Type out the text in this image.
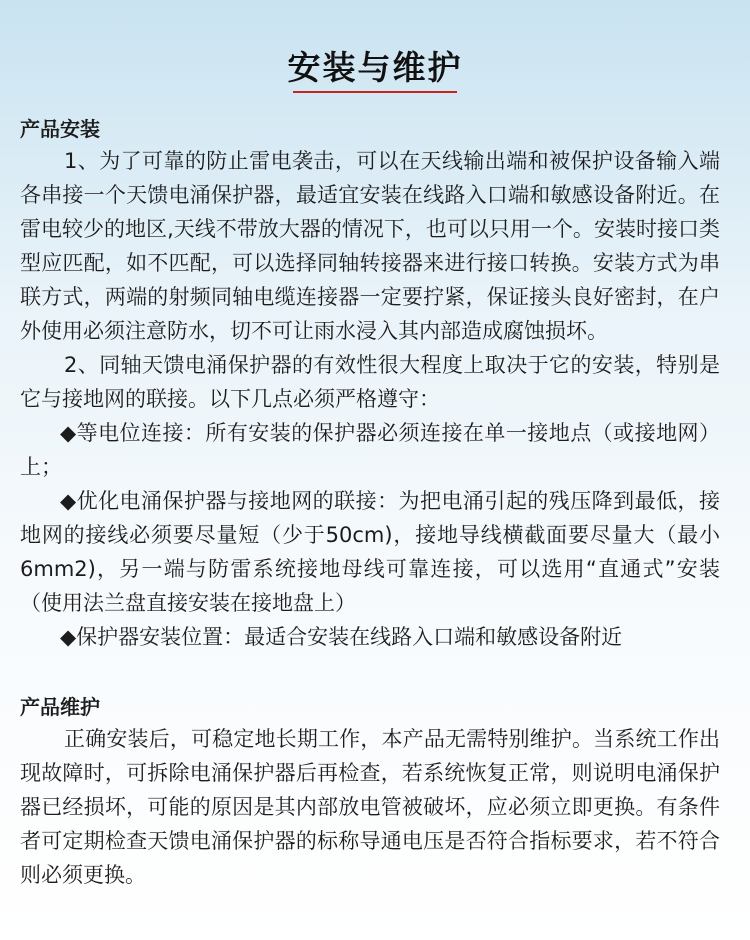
安装与维护
产品安装

1、为了可靠的防止雷电袭击，可以在天线输出端和被保护设备输入端各串接一个天馈电涌保护器，最适宜安装在线路入口端和敏感设备附近。在雷电较少的地区,天线不带放大器的情况下，也可以只用一个。安装时接口类型应匹配，如不匹配，可以选择同轴转接器来进行接口转换。安装方式为串联方式，两端的射频同轴电缆连接器一定要拧紧，保证接头良好密封，在户外使用必须注意防水，切不可让雨水浸入其内部造成腐蚀损坏。

2、同轴天馈电涌保护器的有效性很大程度上取决于它的安装，特别是它与接地网的联接。以下几点必须严格遵守：

◆等电位连接：所有安装的保护器必须连接在单一接地点（或接地网）上；

◆优化电涌保护器与接地网的联接：为把电涌引起的残压降到最低，接地网的接线必须要尽量短（少于50cm)，接地导线横截面要尽量大（最小6mm2)，另一端与防雷系统接地母线可靠连接，可以选用“直通式”安装（使用法兰盘直接安装在接地盘上）

◆保护器安装位置：最适合安装在线路入口端和敏感设备附近

产品维护

正确安装后，可稳定地长期工作，本产品无需特别维护。当系统工作出现故障时，可拆除电涌保护器后再检查，若系统恢复正常，则说明电涌保护器已经损坏，可能的原因是其内部放电管被破坏，应必须立即更换。有条件者可定期检查天馈电涌保护器的标称导通电压是否符合指标要求，若不符合则必须更换。
